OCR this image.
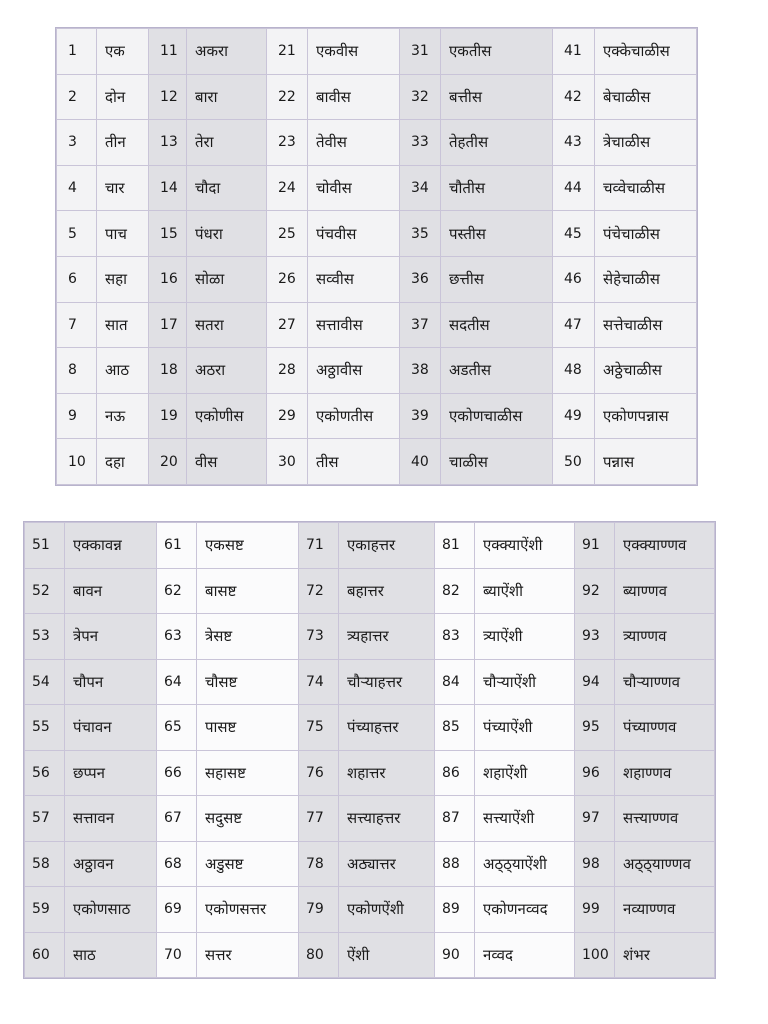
1	एक	11	अकरा	21	एकवीस	31	एकतीस	41	एक्केचाळीस
2	दोन	12	बारा	22	बावीस	32	बत्तीस	42	बेचाळीस
3	तीन	13	तेरा	23	तेवीस	33	तेहतीस	43	त्रेचाळीस
4	चार	14	चौदा	24	चोवीस	34	चौतीस	44	चव्वेचाळीस
5	पाच	15	पंधरा	25	पंचवीस	35	पस्तीस	45	पंचेचाळीस
6	सहा	16	सोळा	26	सव्वीस	36	छत्तीस	46	सेहेचाळीस
7	सात	17	सतरा	27	सत्तावीस	37	सदतीस	47	सत्तेचाळीस
8	आठ	18	अठरा	28	अठ्ठावीस	38	अडतीस	48	अठ्ठेचाळीस
9	नऊ	19	एकोणीस	29	एकोणतीस	39	एकोणचाळीस	49	एकोणपन्नास
10	दहा	20	वीस	30	तीस	40	चाळीस	50	पन्नास
51	एक्कावन्न	61	एकसष्ट	71	एकाहत्तर	81	एक्क्याऐंशी	91	एक्क्याण्णव
52	बावन	62	बासष्ट	72	बहात्तर	82	ब्याऐंशी	92	ब्याण्णव
53	त्रेपन	63	त्रेसष्ट	73	त्र्यहात्तर	83	त्र्याऐंशी	93	त्र्याण्णव
54	चौपन	64	चौसष्ट	74	चौऱ्याहत्तर	84	चौऱ्याऐंशी	94	चौऱ्याण्णव
55	पंचावन	65	पासष्ट	75	पंच्याहत्तर	85	पंच्याऐंशी	95	पंच्याण्णव
56	छप्पन	66	सहासष्ट	76	शहात्तर	86	शहाऐंशी	96	शहाण्णव
57	सत्तावन	67	सदुसष्ट	77	सत्त्याहत्तर	87	सत्त्याऐंशी	97	सत्त्याण्णव
58	अठ्ठावन	68	अडुसष्ट	78	अठ्यात्तर	88	अठ्ठ्याऐंशी	98	अठ्ठ्याण्णव
59	एकोणसाठ	69	एकोणसत्तर	79	एकोणऐंशी	89	एकोणनव्वद	99	नव्याण्णव
60	साठ	70	सत्तर	80	ऐंशी	90	नव्वद	100	शंभर
